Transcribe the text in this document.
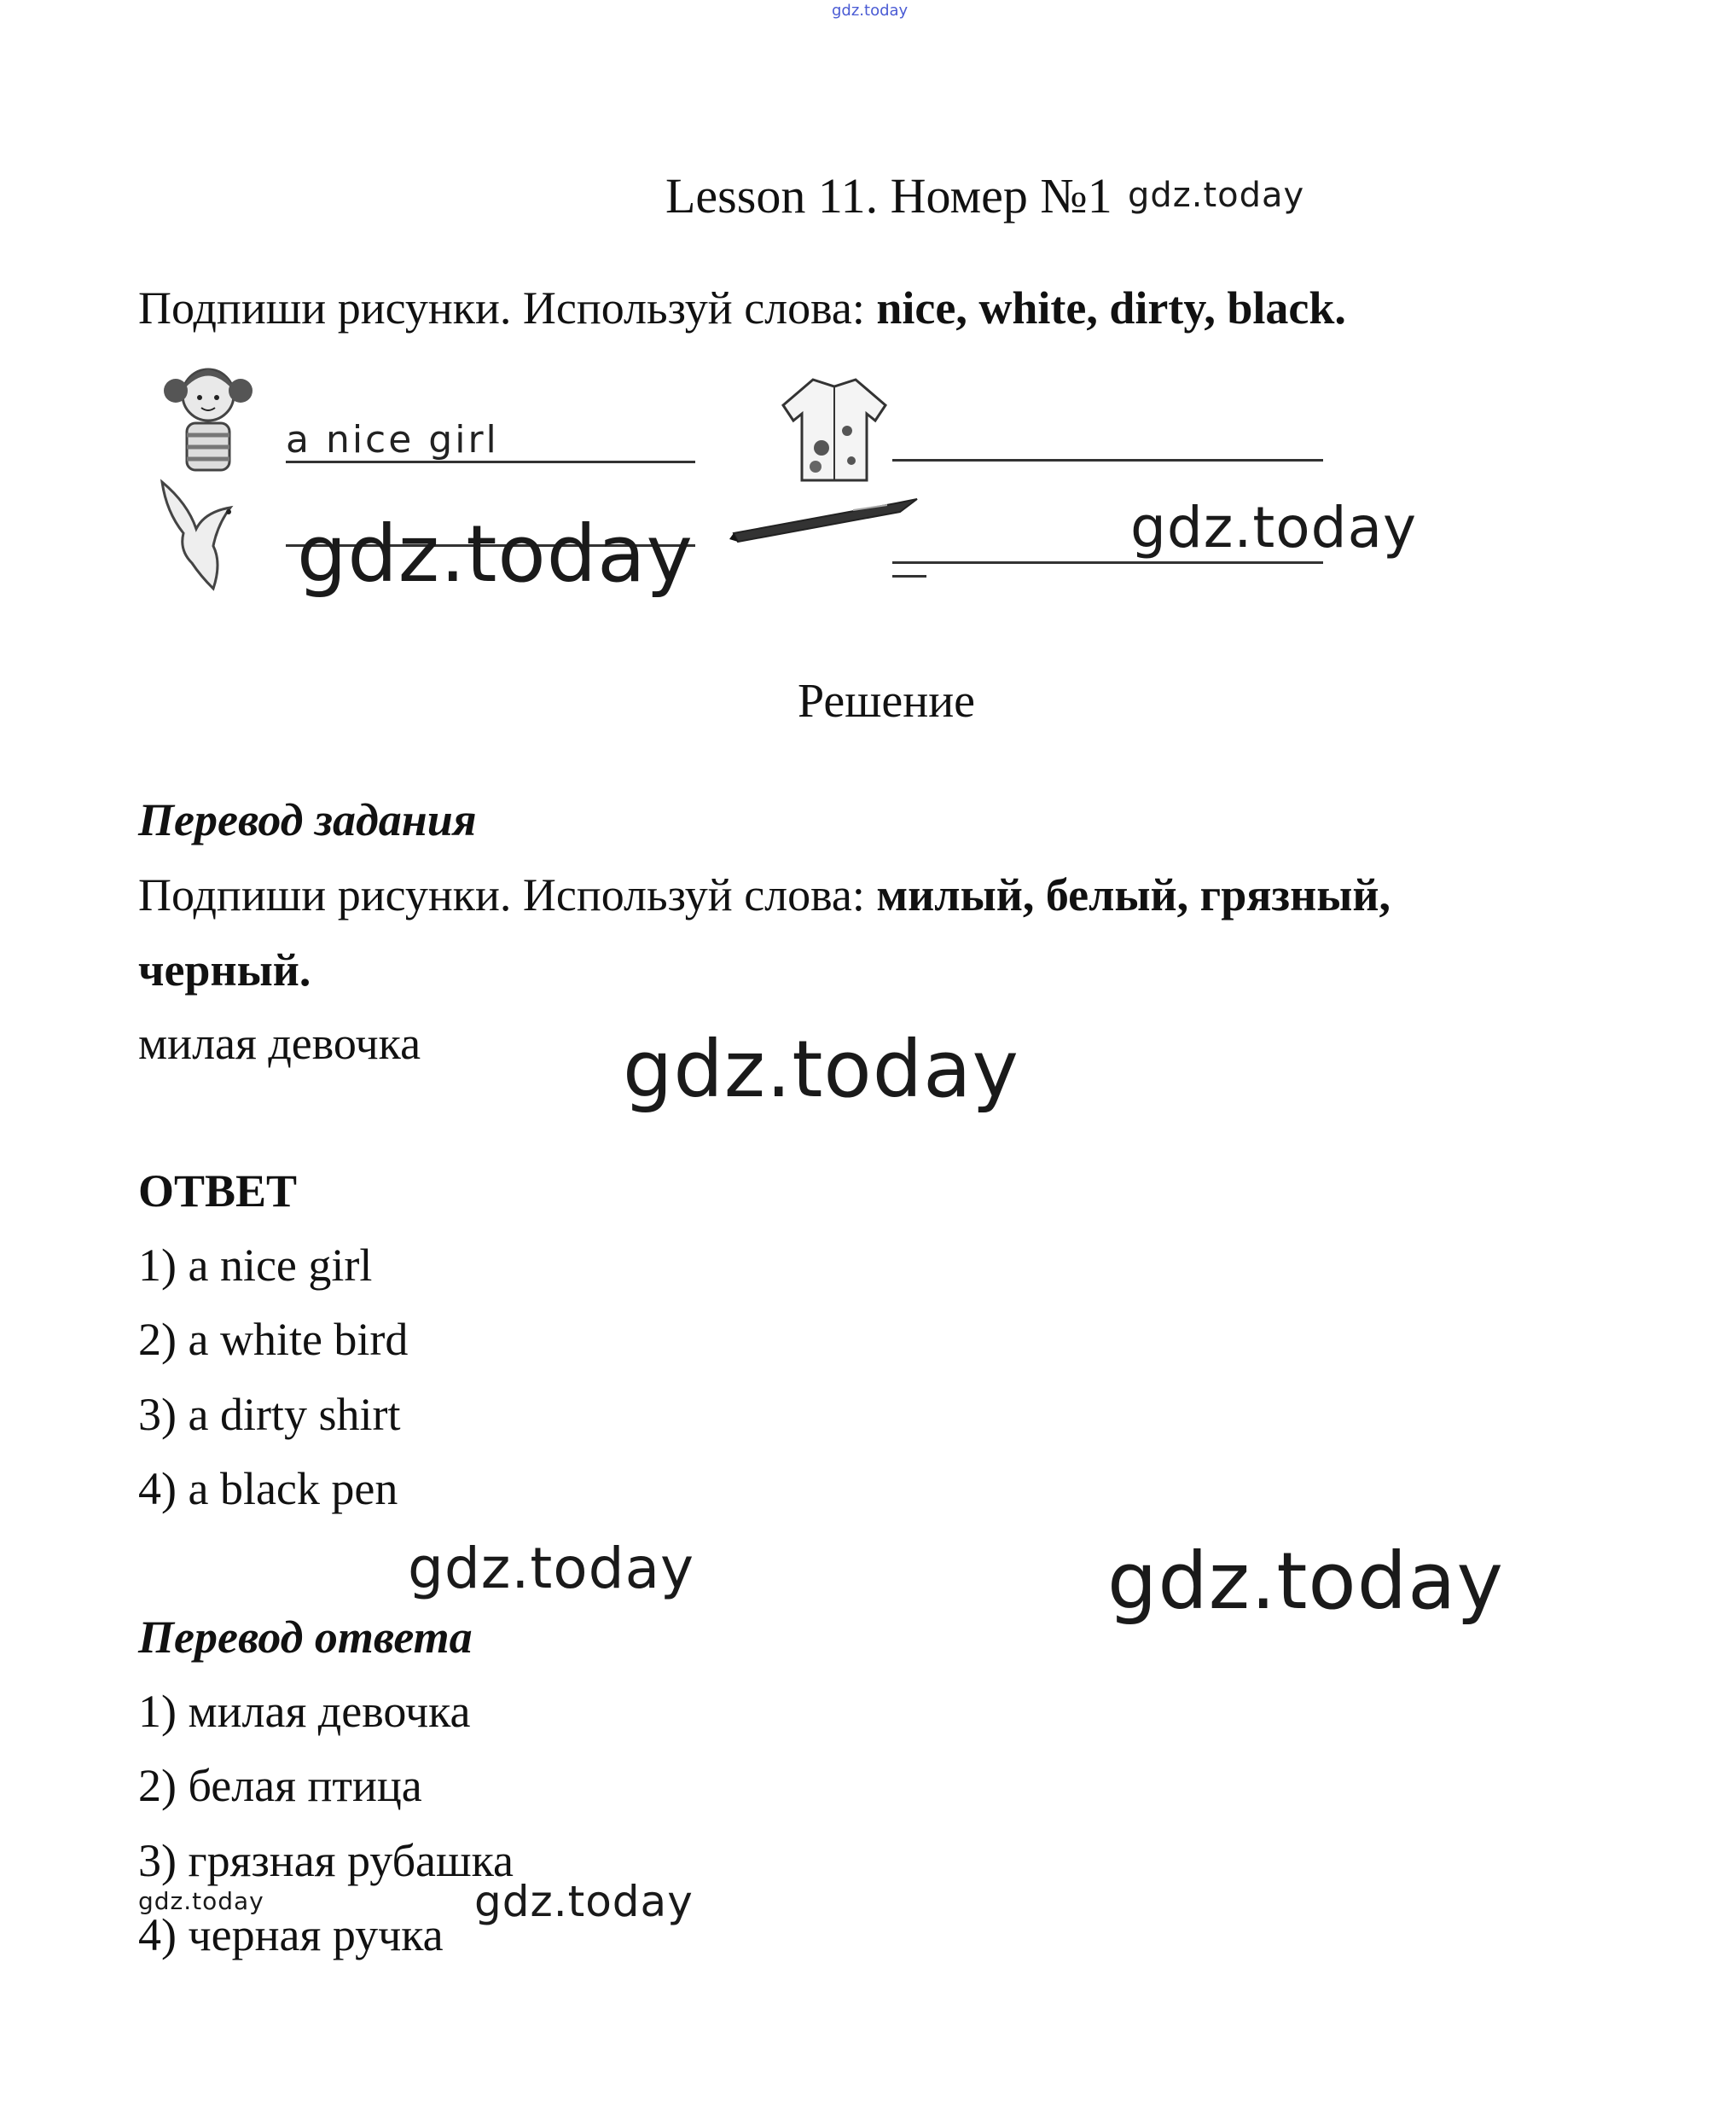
gdz.today
Lesson 11. Номер №1 gdz.today
Подпиши рисунки. Используй слова: nice, white, dirty, black.
a nice girl
gdz.today	gdz.today
Решение
Перевод задания
Подпиши рисунки. Используй слова: милый, белый, грязный,
черный.
милая девочка	gdz.today
ОТВЕТ
1) a nice girl
2) a white bird
3) a dirty shirt
4) a black pen
gdz.today	gdz.today
Перевод ответа
1) милая девочка
2) белая птица
3) грязная рубашка
gdz.today
4) черная ручка
gdz.today
